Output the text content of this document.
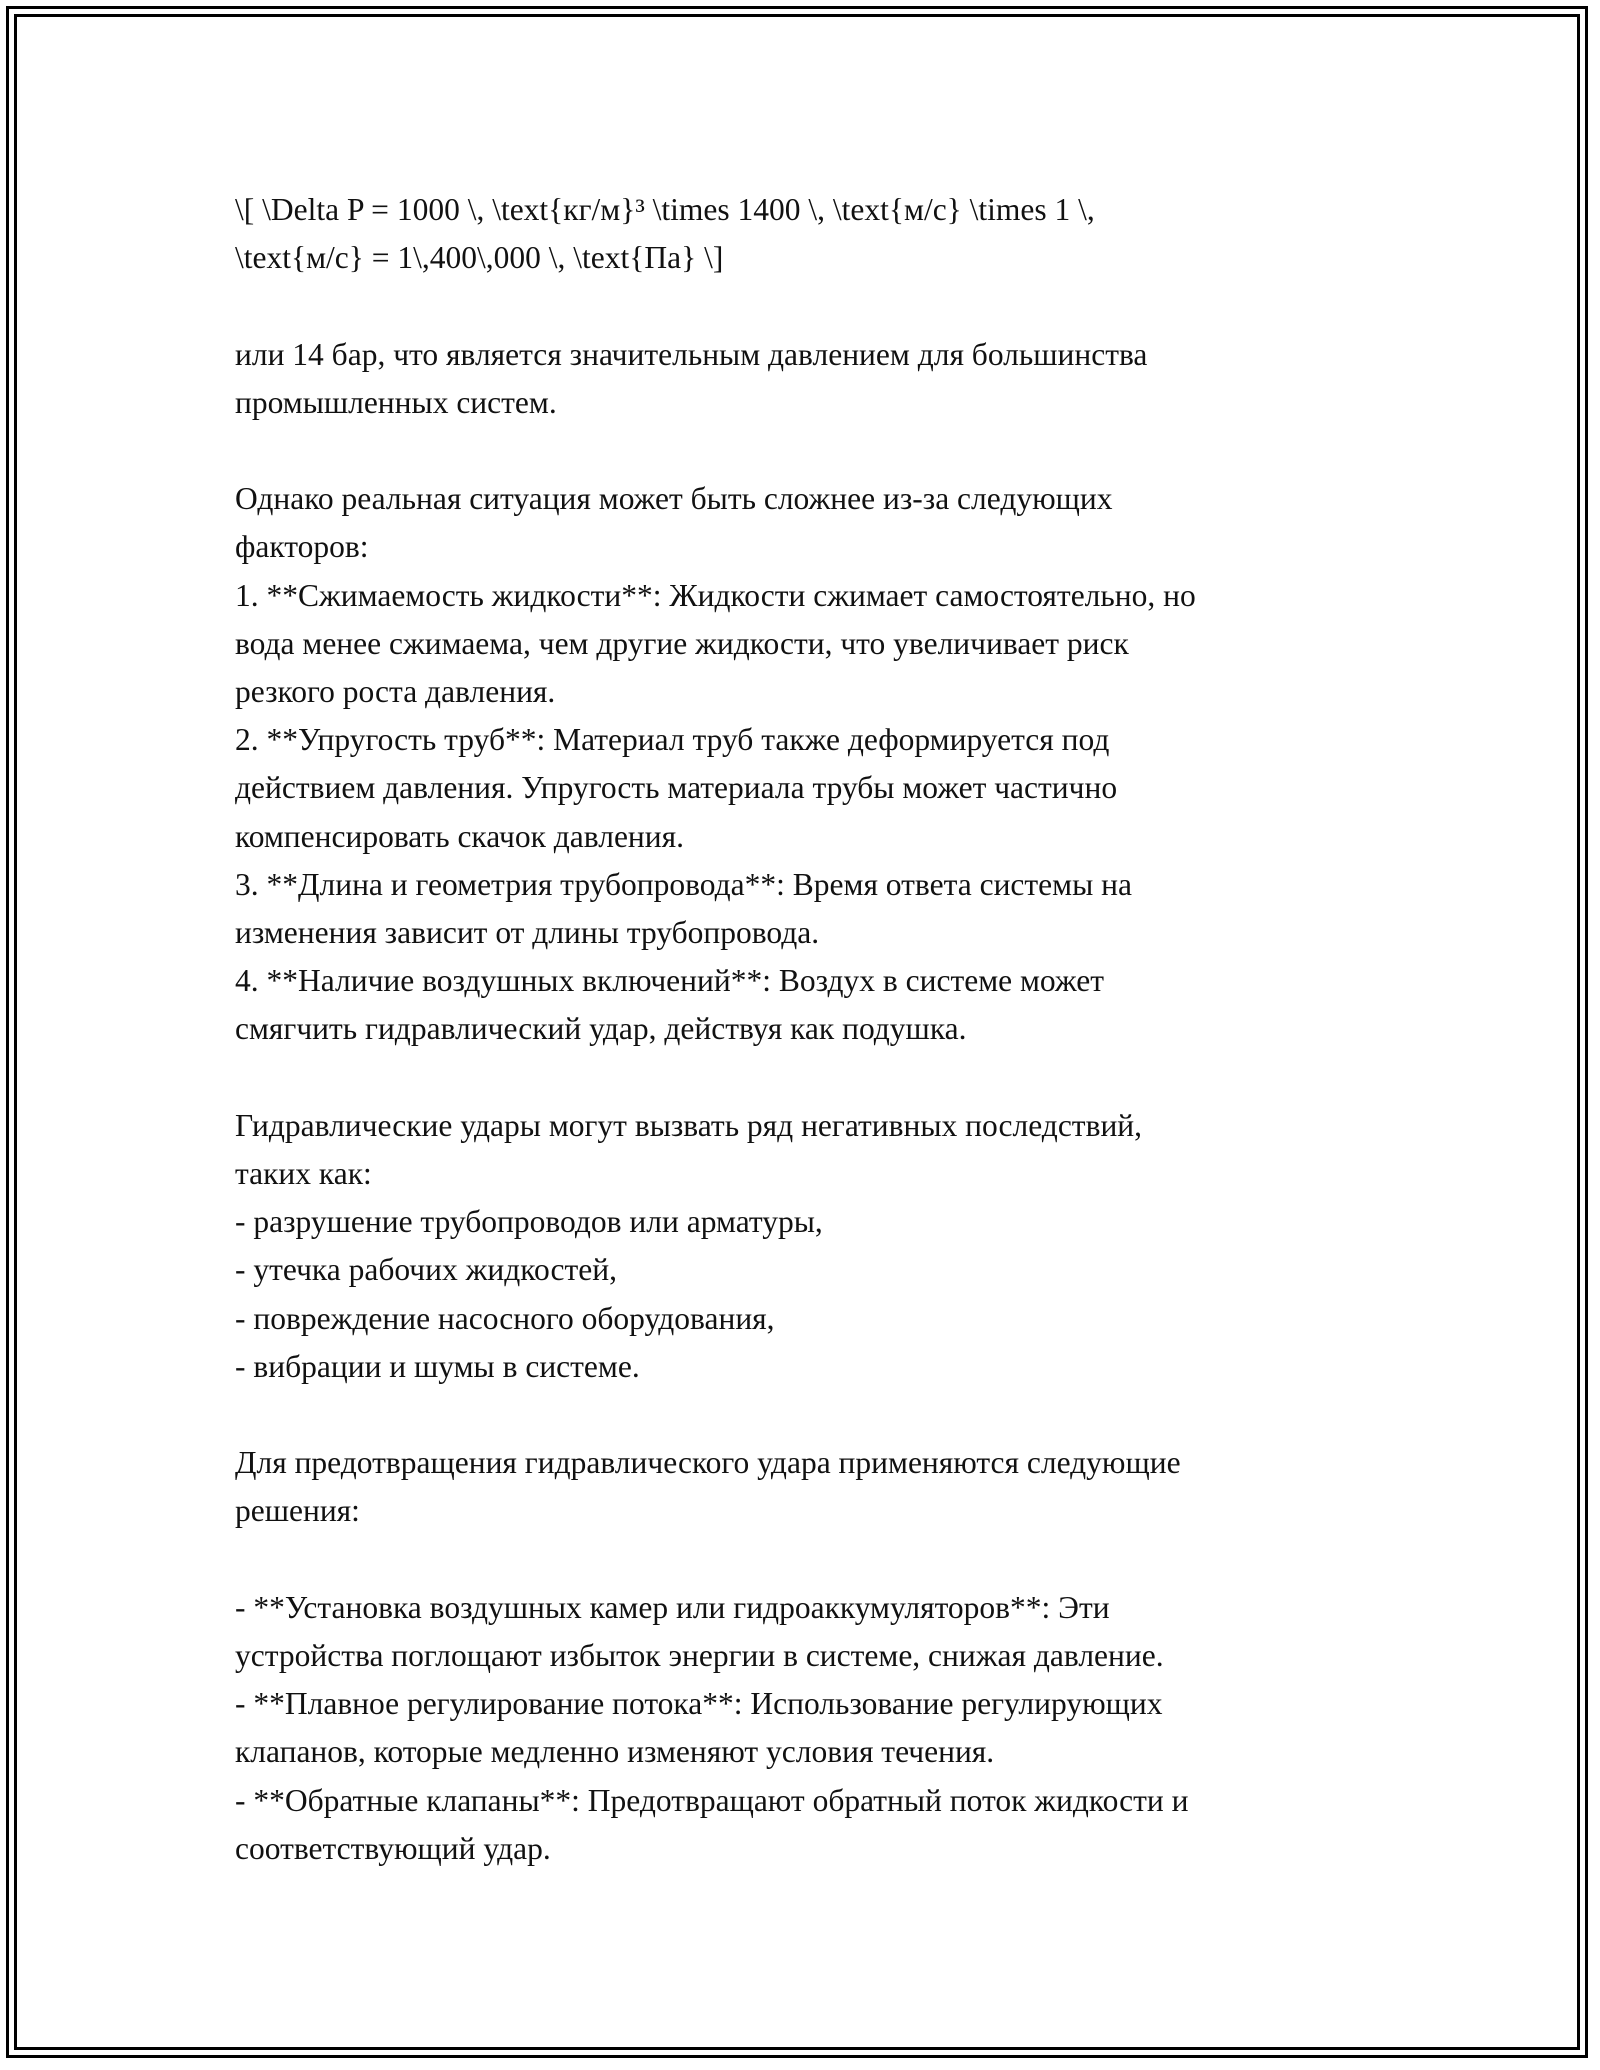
\[ \Delta P = 1000 \, \text{кг/м}³ \times 1400 \, \text{м/с} \times 1 \,
\text{м/с} = 1\,400\,000 \, \text{Па} \]

или 14 бар, что является значительным давлением для большинства
промышленных систем.

Однако реальная ситуация может быть сложнее из-за следующих
факторов:
1. **Сжимаемость жидкости**: Жидкости сжимает самостоятельно, но
вода менее сжимаема, чем другие жидкости, что увеличивает риск
резкого роста давления.
2. **Упругость труб**: Материал труб также деформируется под
действием давления. Упругость материала трубы может частично
компенсировать скачок давления.
3. **Длина и геометрия трубопровода**: Время ответа системы на
изменения зависит от длины трубопровода.
4. **Наличие воздушных включений**: Воздух в системе может
смягчить гидравлический удар, действуя как подушка.

Гидравлические удары могут вызвать ряд негативных последствий,
таких как:
- разрушение трубопроводов или арматуры,
- утечка рабочих жидкостей,
- повреждение насосного оборудования,
- вибрации и шумы в системе.

Для предотвращения гидравлического удара применяются следующие
решения:

- **Установка воздушных камер или гидроаккумуляторов**: Эти
устройства поглощают избыток энергии в системе, снижая давление.
- **Плавное регулирование потока**: Использование регулирующих
клапанов, которые медленно изменяют условия течения.
- **Обратные клапаны**: Предотвращают обратный поток жидкости и
соответствующий удар.
